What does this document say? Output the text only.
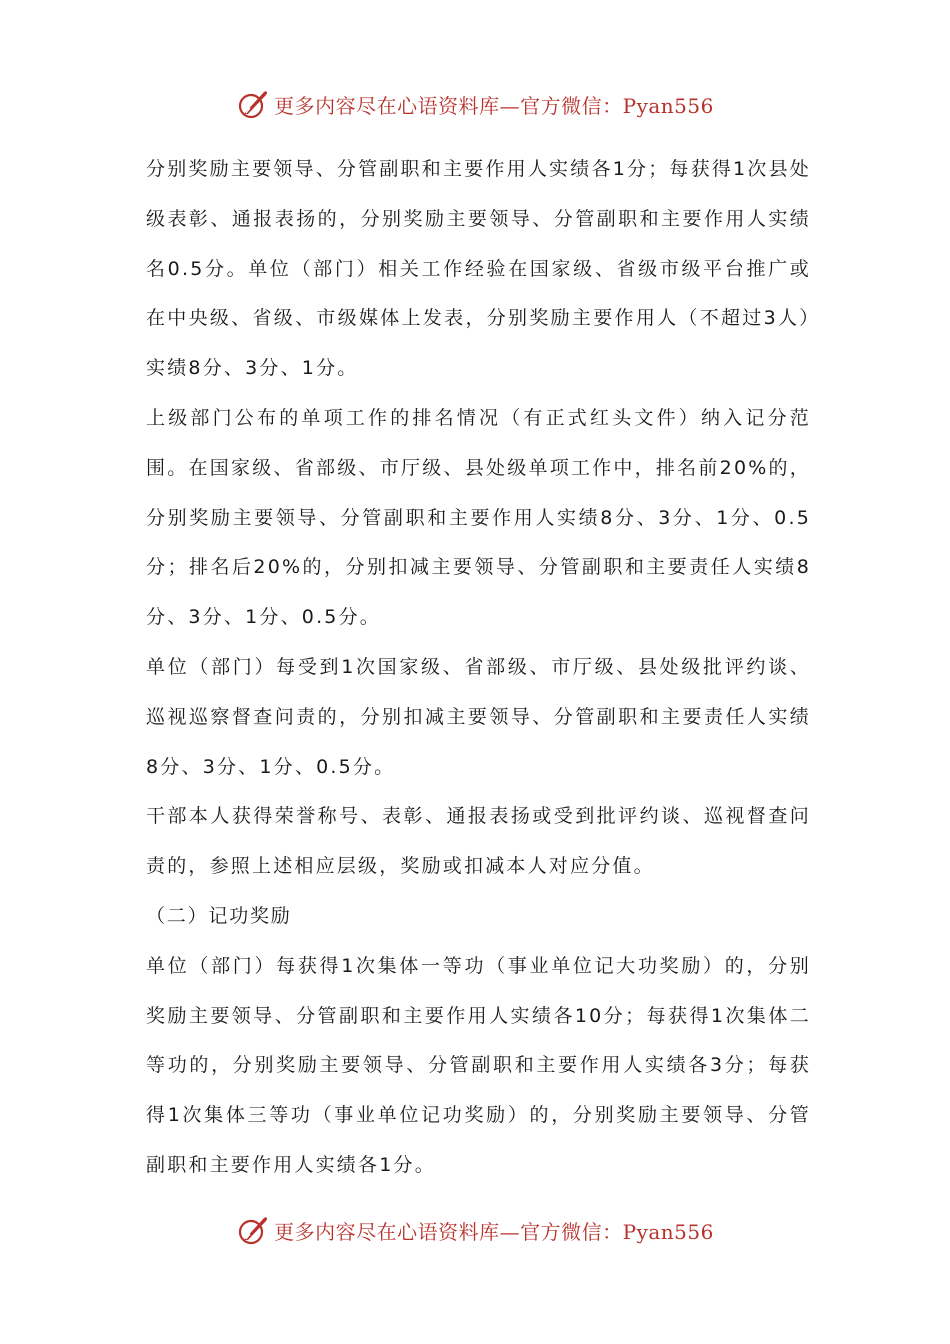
更多内容尽在心语资料库—官方微信：Pyan556

分别奖励主要领导、分管副职和主要作用人实绩各1分；每获得1次县处级表彰、通报表扬的，分别奖励主要领导、分管副职和主要作用人实绩名0.5分。单位（部门）相关工作经验在国家级、省级市级平台推广或在中央级、省级、市级媒体上发表，分别奖励主要作用人（不超过3人）实绩8分、3分、1分。

上级部门公布的单项工作的排名情况（有正式红头文件）纳入记分范围。在国家级、省部级、市厅级、县处级单项工作中，排名前20%的，分别奖励主要领导、分管副职和主要作用人实绩8分、3分、1分、0.5分；排名后20%的，分别扣减主要领导、分管副职和主要责任人实绩8分、3分、1分、0.5分。

单位（部门）每受到1次国家级、省部级、市厅级、县处级批评约谈、巡视巡察督查问责的，分别扣减主要领导、分管副职和主要责任人实绩8分、3分、1分、0.5分。

干部本人获得荣誉称号、表彰、通报表扬或受到批评约谈、巡视督查问责的，参照上述相应层级，奖励或扣减本人对应分值。

（二）记功奖励

单位（部门）每获得1次集体一等功（事业单位记大功奖励）的，分别奖励主要领导、分管副职和主要作用人实绩各10分；每获得1次集体二等功的，分别奖励主要领导、分管副职和主要作用人实绩各3分；每获得1次集体三等功（事业单位记功奖励）的，分别奖励主要领导、分管副职和主要作用人实绩各1分。

更多内容尽在心语资料库—官方微信：Pyan556
